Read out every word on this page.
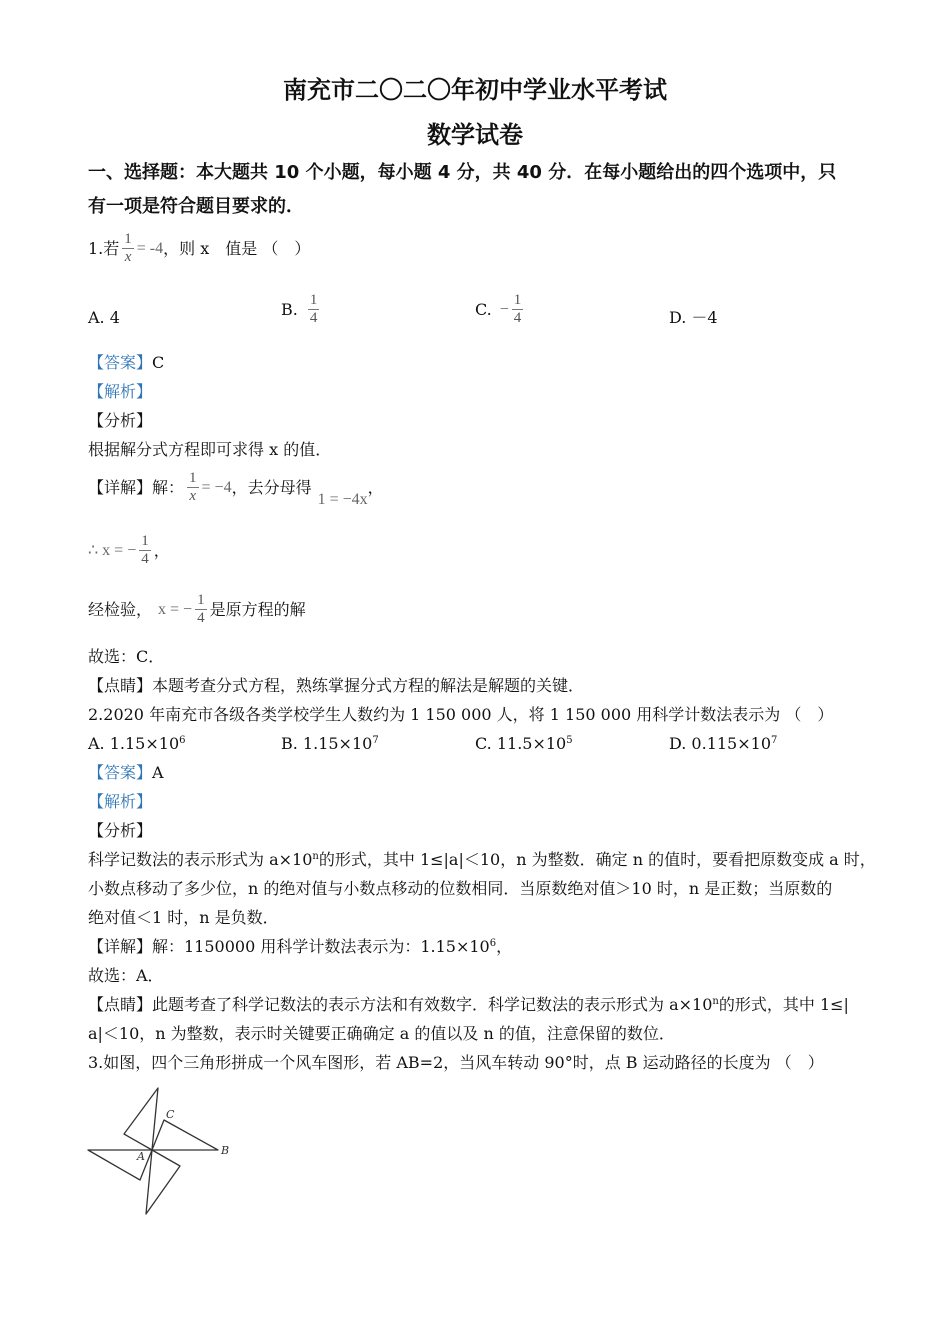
南充市二〇二〇年初中学业水平考试
数学试卷
一、选择题：本大题共 10 个小题，每小题 4 分，共 40 分．在每小题给出的四个选项中，只
有一项是符合题目要求的．
1.若 $\frac{1}{x} = -4$ ，则 x　值是 （　）
A. 4	B. $\frac{1}{4}$	C. − $\frac{1}{4}$	D. －4
【答案】C
【解析】
【分析】
根据解分式方程即可求得 x 的值．
【详解】解： $\frac{1}{x} = -4$ ，去分母得
1 = −4x
，
∴ x = − $\frac{1}{4}$ ，
经检验， x = − $\frac{1}{4}$ 是原方程的解
故选：C．
【点睛】本题考查分式方程，熟练掌握分式方程的解法是解题的关键．
2.2020 年南充市各级各类学校学生人数约为 1 150 000 人，将 1 150 000 用科学计数法表示为 （　）
A. $1.15\times 10^6$	B. $1.15\times 10^7$	C. $11.5\times 10^5$	D. $0.115\times 10^7$
【答案】A
【解析】
【分析】
科学记数法的表示形式为 $a\times 10^n$的形式，其中 1≤|a|＜10，n 为整数．确定 n 的值时，要看把原数变成 a 时，
小数点移动了多少位，n 的绝对值与小数点移动的位数相同．当原数绝对值＞10 时，n 是正数；当原数的
绝对值＜1 时，n 是负数．
【详解】解：1150000 用科学计数法表示为：$1.15\times 10^6$，
故选：A．
【点睛】此题考查了科学记数法的表示方法和有效数字．科学记数法的表示形式为 $a\times 10^n$的形式，其中 1≤|
a|＜10，n 为整数，表示时关键要正确确定 a 的值以及 n 的值，注意保留的数位．
3.如图，四个三角形拼成一个风车图形，若 AB=2，当风车转动 90°时，点 B 运动路径的长度为 （　）
A	B
C
